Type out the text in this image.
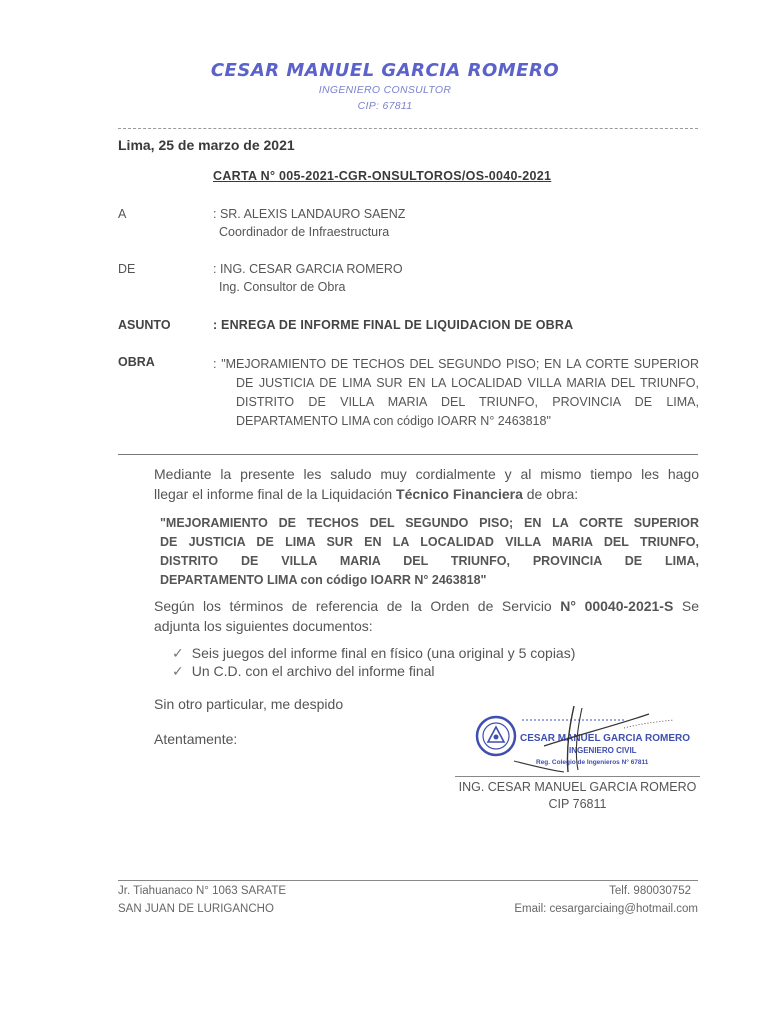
CESAR MANUEL GARCIA ROMERO
INGENIERO CONSULTOR
CIP: 67811
Lima, 25 de marzo de 2021
CARTA N° 005-2021-CGR-ONSULTOROS/OS-0040-2021
A	: SR. ALEXIS LANDAURO SAENZ
Coordinador de Infraestructura
DE	: ING. CESAR GARCIA ROMERO
Ing. Consultor de Obra
ASUNTO	: ENREGA DE INFORME FINAL DE LIQUIDACION DE OBRA
OBRA	: "MEJORAMIENTO DE TECHOS DEL SEGUNDO PISO; EN LA CORTE SUPERIOR
DE JUSTICIA DE LIMA SUR EN LA LOCALIDAD VILLA MARIA DEL TRIUNFO,
DISTRITO DE VILLA MARIA DEL TRIUNFO, PROVINCIA DE LIMA,
DEPARTAMENTO LIMA con código IOARR N° 2463818"
Mediante la presente les saludo muy cordialmente y al mismo tiempo les hago
llegar el informe final de la Liquidación Técnico Financiera de obra:
"MEJORAMIENTO DE TECHOS DEL SEGUNDO PISO; EN LA CORTE SUPERIOR
DE JUSTICIA DE LIMA SUR EN LA LOCALIDAD VILLA MARIA DEL TRIUNFO,
DISTRITO DE VILLA MARIA DEL TRIUNFO, PROVINCIA DE LIMA,
DEPARTAMENTO LIMA con código IOARR N° 2463818"
Según los términos de referencia de la Orden de Servicio N° 00040-2021-S Se
adjunta los siguientes documentos:
✓ Seis juegos del informe final en físico (una original y 5 copias)
✓ Un C.D. con el archivo del informe final
Sin otro particular, me despido
Atentamente:	CESAR MANUEL GARCIA ROMERO
INGENIERO CIVIL
Reg. Colegio de Ingenieros N° 67811
ING. CESAR MANUEL GARCIA ROMERO
CIP 76811
Jr. Tiahuanaco N° 1063 SARATE
SAN JUAN DE LURIGANCHO
Telf. 980030752
Email: cesargarciaing@hotmail.com
